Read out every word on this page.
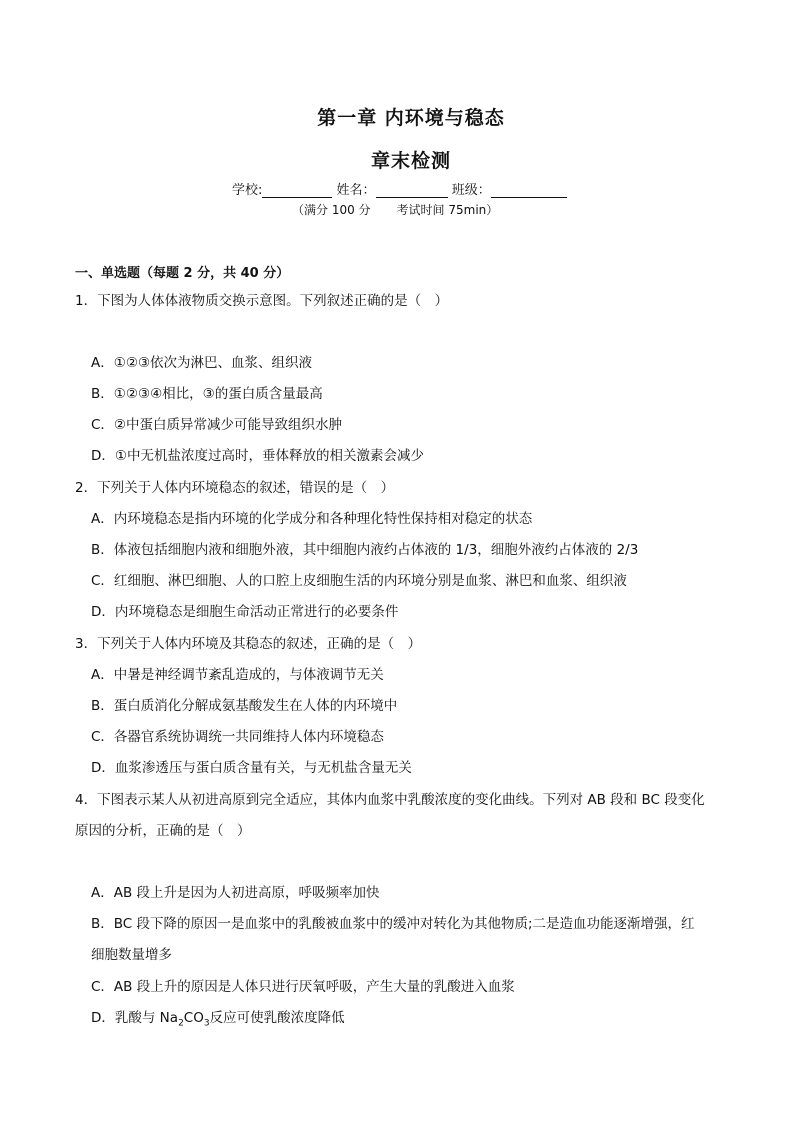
第一章 内环境与稳态
章末检测
学校:	姓名：	班级：
（满分 100 分 考试时间 75min）
一、单选题（每题 2 分，共 40 分）
1．下图为人体体液物质交换示意图。下列叙述正确的是（　）
A．①②③依次为淋巴、血浆、组织液
B．①②③④相比，③的蛋白质含量最高
C．②中蛋白质异常减少可能导致组织水肿
D．①中无机盐浓度过高时，垂体释放的相关激素会减少
2．下列关于人体内环境稳态的叙述，错误的是（　）
A．内环境稳态是指内环境的化学成分和各种理化特性保持相对稳定的状态
B．体液包括细胞内液和细胞外液，其中细胞内液约占体液的 1/3，细胞外液约占体液的 2/3
C．红细胞、淋巴细胞、人的口腔上皮细胞生活的内环境分别是血浆、淋巴和血浆、组织液
D．内环境稳态是细胞生命活动正常进行的必要条件
3．下列关于人体内环境及其稳态的叙述，正确的是（　）
A．中暑是神经调节紊乱造成的，与体液调节无关
B．蛋白质消化分解成氨基酸发生在人体的内环境中
C．各器官系统协调统一共同维持人体内环境稳态
D．血浆渗透压与蛋白质含量有关，与无机盐含量无关
4．下图表示某人从初进高原到完全适应，其体内血浆中乳酸浓度的变化曲线。下列对 AB 段和 BC 段变化
原因的分析，正确的是（　）
A．AB 段上升是因为人初进高原，呼吸频率加快
B．BC 段下降的原因一是血浆中的乳酸被血浆中的缓冲对转化为其他物质;二是造血功能逐渐增强，红
细胞数量增多
C．AB 段上升的原因是人体只进行厌氧呼吸，产生大量的乳酸进入血浆
D．乳酸与 $Na_2CO_3$反应可使乳酸浓度降低
